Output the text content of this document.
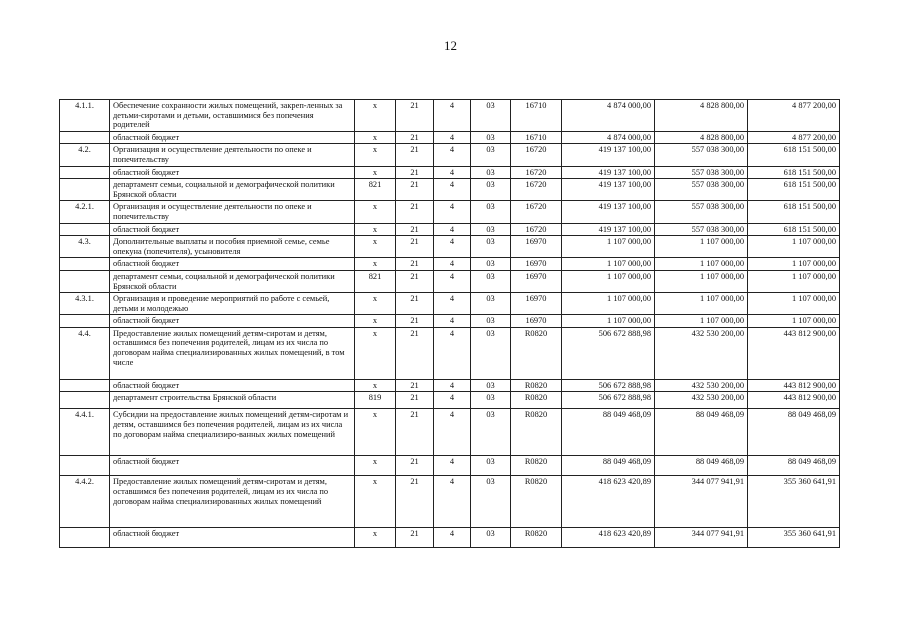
12
4.1.1.	Обеспечение сохранности жилых помещений, закреп-ленных за детьми-сиротами и детьми, оставшимися без попечения родителей	х	21	4	03	16710	4 874 000,00	4 828 800,00	4 877 200,00
	областной бюджет	х	21	4	03	16710	4 874 000,00	4 828 800,00	4 877 200,00
4.2.	Организация и осуществление деятельности по опеке и попечительству	х	21	4	03	16720	419 137 100,00	557 038 300,00	618 151 500,00
	областной бюджет	х	21	4	03	16720	419 137 100,00	557 038 300,00	618 151 500,00
	департамент семьи, социальной и демографической политики Брянской области	821	21	4	03	16720	419 137 100,00	557 038 300,00	618 151 500,00
4.2.1.	Организация и осуществление деятельности по опеке и попечительству	х	21	4	03	16720	419 137 100,00	557 038 300,00	618 151 500,00
	областной бюджет	х	21	4	03	16720	419 137 100,00	557 038 300,00	618 151 500,00
4.3.	Дополнительные выплаты и пособия приемной семье, семье опекуна (попечителя), усыновителя	х	21	4	03	16970	1 107 000,00	1 107 000,00	1 107 000,00
	областной бюджет	х	21	4	03	16970	1 107 000,00	1 107 000,00	1 107 000,00
	департамент семьи, социальной и демографической политики Брянской области	821	21	4	03	16970	1 107 000,00	1 107 000,00	1 107 000,00
4.3.1.	Организация и проведение мероприятий по работе с семьей, детьми и молодежью	х	21	4	03	16970	1 107 000,00	1 107 000,00	1 107 000,00
	областной бюджет	х	21	4	03	16970	1 107 000,00	1 107 000,00	1 107 000,00
4.4.	Предоставление жилых помещений детям-сиротам и детям, оставшимся без попечения родителей, лицам из их числа по договорам найма специализированных жилых помещений, в том числе	х	21	4	03	R0820	506 672 888,98	432 530 200,00	443 812 900,00
	областной бюджет	х	21	4	03	R0820	506 672 888,98	432 530 200,00	443 812 900,00
	департамент строительства Брянской области	819	21	4	03	R0820	506 672 888,98	432 530 200,00	443 812 900,00
4.4.1.	Субсидии на предоставление жилых помещений детям-сиротам и детям, оставшимся без попечения родителей, лицам из их числа по договорам найма специализиро-ванных жилых помещений	х	21	4	03	R0820	88 049 468,09	88 049 468,09	88 049 468,09
	областной бюджет	х	21	4	03	R0820	88 049 468,09	88 049 468,09	88 049 468,09
4.4.2.	Предоставление жилых помещений детям-сиротам и детям, оставшимся без попечения родителей, лицам из их числа по договорам найма специализированных жилых помещений	х	21	4	03	R0820	418 623 420,89	344 077 941,91	355 360 641,91
	областной бюджет	х	21	4	03	R0820	418 623 420,89	344 077 941,91	355 360 641,91
